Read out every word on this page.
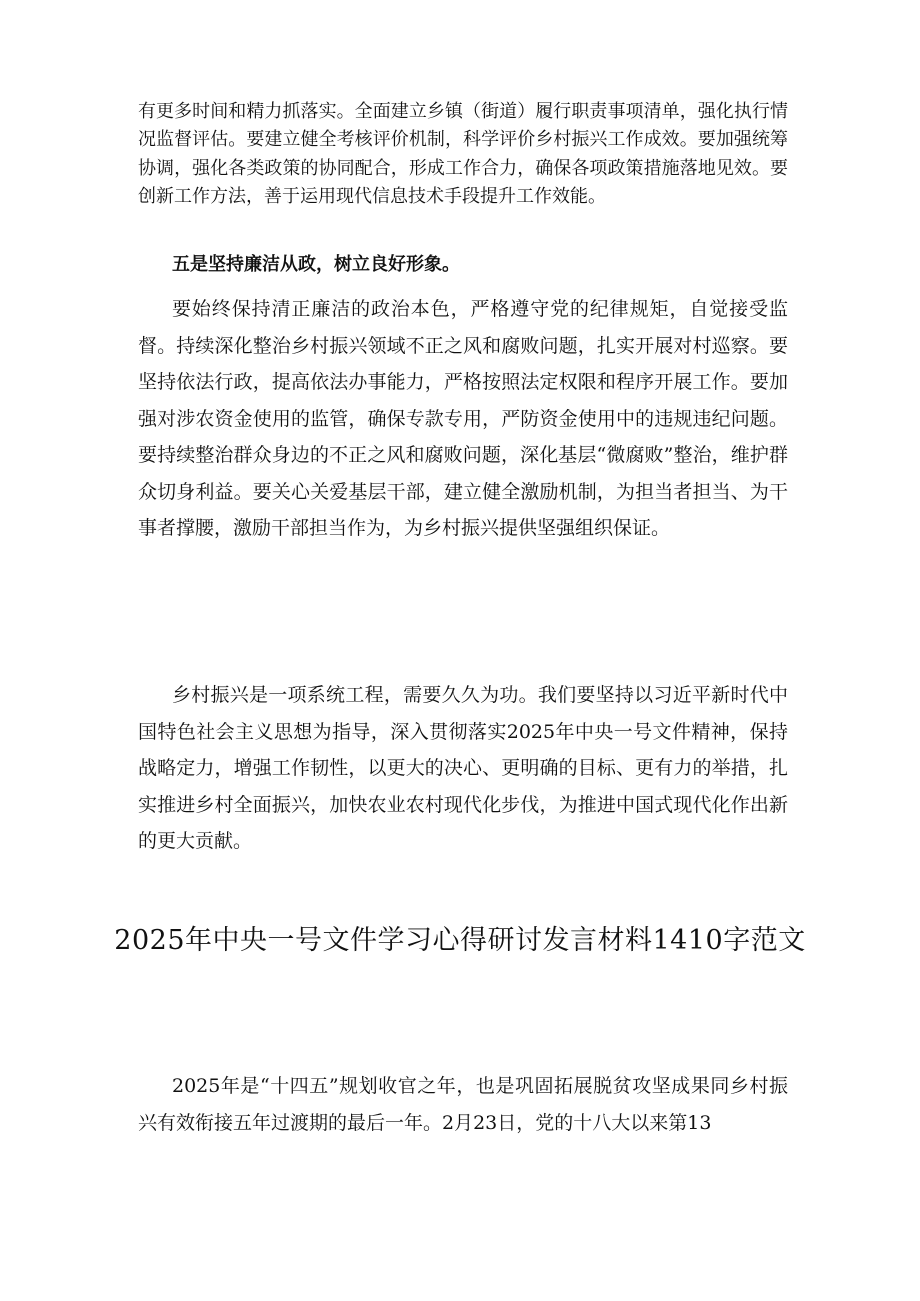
有更多时间和精力抓落实。全面建立乡镇（街道）履行职责事项清单，强化执行情况监督评估。要建立健全考核评价机制，科学评价乡村振兴工作成效。要加强统筹协调，强化各类政策的协同配合，形成工作合力，确保各项政策措施落地见效。要创新工作方法，善于运用现代信息技术手段提升工作效能。

五是坚持廉洁从政，树立良好形象。

要始终保持清正廉洁的政治本色，严格遵守党的纪律规矩，自觉接受监督。持续深化整治乡村振兴领域不正之风和腐败问题，扎实开展对村巡察。要坚持依法行政，提高依法办事能力，严格按照法定权限和程序开展工作。要加强对涉农资金使用的监管，确保专款专用，严防资金使用中的违规违纪问题。要持续整治群众身边的不正之风和腐败问题，深化基层“微腐败”整治，维护群众切身利益。要关心关爱基层干部，建立健全激励机制，为担当者担当、为干事者撑腰，激励干部担当作为，为乡村振兴提供坚强组织保证。

乡村振兴是一项系统工程，需要久久为功。我们要坚持以习近平新时代中国特色社会主义思想为指导，深入贯彻落实2025年中央一号文件精神，保持战略定力，增强工作韧性，以更大的决心、更明确的目标、更有力的举措，扎实推进乡村全面振兴，加快农业农村现代化步伐，为推进中国式现代化作出新的更大贡献。

2025年中央一号文件学习心得研讨发言材料1410字范文

2025年是“十四五”规划收官之年，也是巩固拓展脱贫攻坚成果同乡村振兴有效衔接五年过渡期的最后一年。2月23日，党的十八大以来第13
